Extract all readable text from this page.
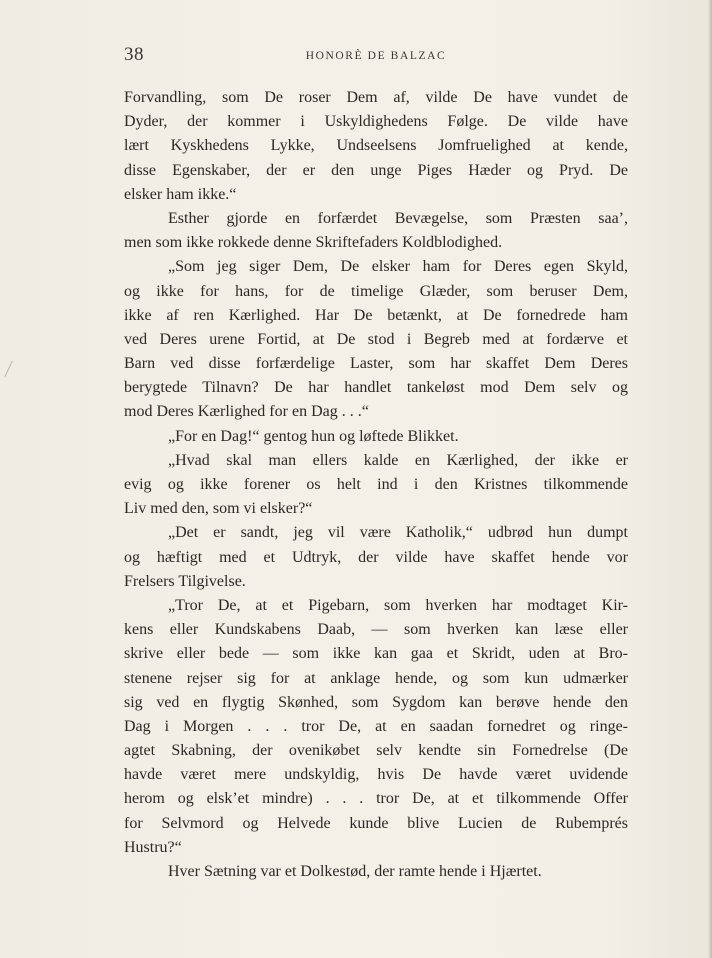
38	HONORÈ DE BALZAC
Forvandling, som De roser Dem af, vilde De have vundet de
Dyder, der kommer i Uskyldighedens Følge. De vilde have
lært Kyskhedens Lykke, Undseelsens Jomfruelighed at kende,
disse Egenskaber, der er den unge Piges Hæder og Pryd. De
elsker ham ikke.“
Esther gjorde en forfærdet Bevægelse, som Præsten saa’,
men som ikke rokkede denne Skriftefaders Koldblodighed.
„Som jeg siger Dem, De elsker ham for Deres egen Skyld,
og ikke for hans, for de timelige Glæder, som beruser Dem,
ikke af ren Kærlighed. Har De betænkt, at De fornedrede ham
ved Deres urene Fortid, at De stod i Begreb med at fordærve et
Barn ved disse forfærdelige Laster, som har skaffet Dem Deres
berygtede Tilnavn? De har handlet tankeløst mod Dem selv og
mod Deres Kærlighed for en Dag . . .“
„For en Dag!“ gentog hun og løftede Blikket.
„Hvad skal man ellers kalde en Kærlighed, der ikke er
evig og ikke forener os helt ind i den Kristnes tilkommende
Liv med den, som vi elsker?“
„Det er sandt, jeg vil være Katholik,“ udbrød hun dumpt
og hæftigt med et Udtryk, der vilde have skaffet hende vor
Frelsers Tilgivelse.
„Tror De, at et Pigebarn, som hverken har modtaget Kir-
kens eller Kundskabens Daab, — som hverken kan læse eller
skrive eller bede — som ikke kan gaa et Skridt, uden at Bro-
stenene rejser sig for at anklage hende, og som kun udmærker
sig ved en flygtig Skønhed, som Sygdom kan berøve hende den
Dag i Morgen . . . tror De, at en saadan fornedret og ringe-
agtet Skabning, der ovenikøbet selv kendte sin Fornedrelse (De
havde været mere undskyldig, hvis De havde været uvidende
herom og elsk’et mindre) . . . tror De, at et tilkommende Offer
for Selvmord og Helvede kunde blive Lucien de Rubemprés
Hustru?“
Hver Sætning var et Dolkestød, der ramte hende i Hjærtet.
